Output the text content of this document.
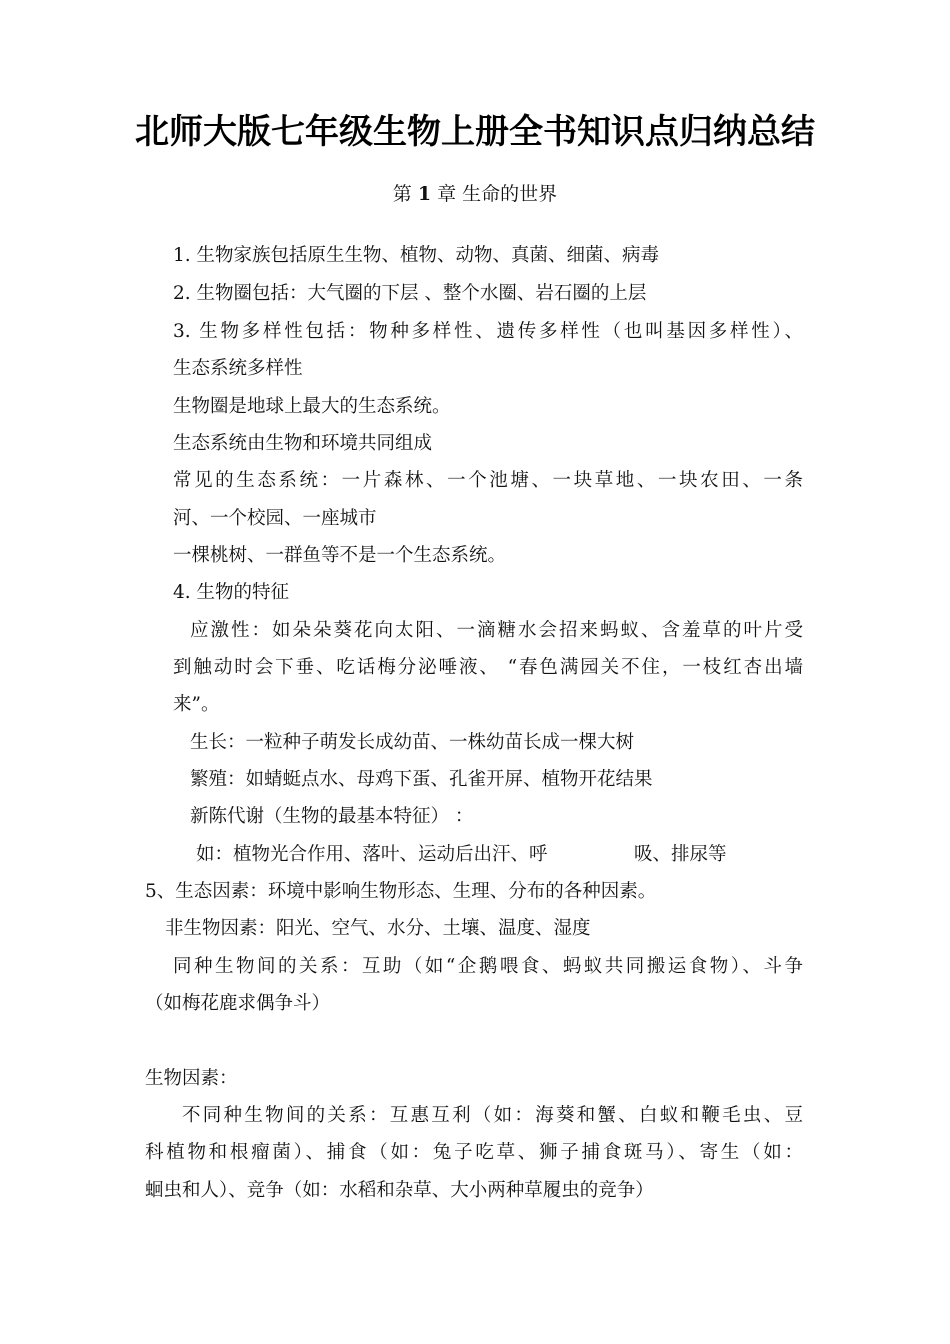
北师大版七年级生物上册全书知识点归纳总结

第 1 章 生命的世界

1. 生物家族包括原生生物、植物、动物、真菌、细菌、病毒

2. 生物圈包括：大气圈的下层 、整个水圈、岩石圈的上层

3. 生物多样性包括：物种多样性、遗传多样性（也叫基因多样性）、

生态系统多样性

生物圈是地球上最大的生态系统。

生态系统由生物和环境共同组成

常见的生态系统：一片森林、一个池塘、一块草地、一块农田、一条

河、一个校园、一座城市

一棵桃树、一群鱼等不是一个生态系统。

4. 生物的特征

应激性：如朵朵葵花向太阳、一滴糖水会招来蚂蚁、含羞草的叶片受

到触动时会下垂、吃话梅分泌唾液、 “春色满园关不住，一枝红杏出墙

来”。

生长：一粒种子萌发长成幼苗、一株幼苗长成一棵大树

繁殖：如蜻蜓点水、母鸡下蛋、孔雀开屏、植物开花结果

新陈代谢（生物的最基本特征） ：

如：植物光合作用、落叶、运动后出汗、呼	吸、排尿等

5、生态因素：环境中影响生物形态、生理、分布的各种因素。

非生物因素：阳光、空气、水分、土壤、温度、湿度

同种生物间的关系：互助（如“企鹅喂食、蚂蚁共同搬运食物）、斗争

（如梅花鹿求偶争斗）

生物因素：

不同种生物间的关系：互惠互利（如：海葵和蟹、白蚁和鞭毛虫、豆

科植物和根瘤菌）、捕食（如：兔子吃草、狮子捕食斑马）、寄生（如：

蛔虫和人）、竞争（如：水稻和杂草、大小两种草履虫的竞争）
